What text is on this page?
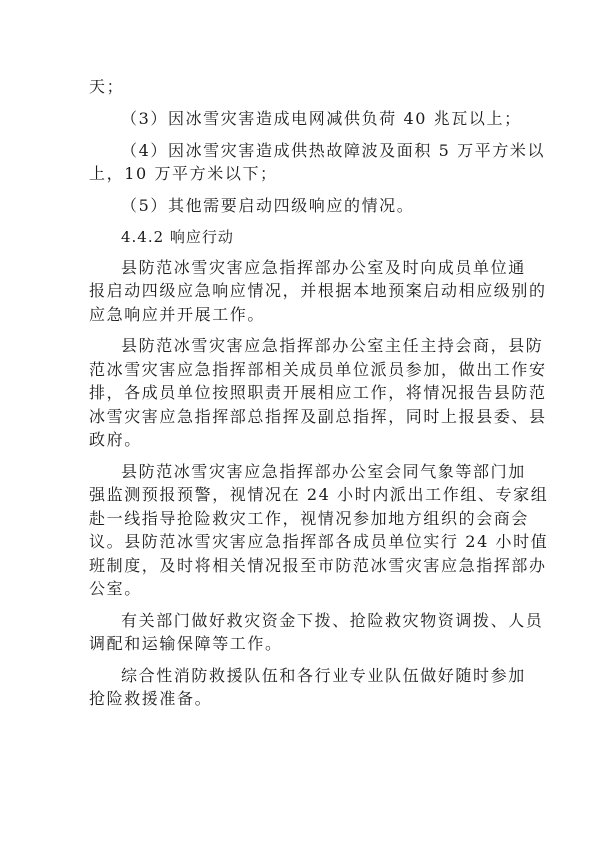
天；
（3）因冰雪灾害造成电网减供负荷 40 兆瓦以上；
（4）因冰雪灾害造成供热故障波及面积 5 万平方米以
上，10 万平方米以下；
（5）其他需要启动四级响应的情况。
4.4.2 响应行动
县防范冰雪灾害应急指挥部办公室及时向成员单位通
报启动四级应急响应情况，并根据本地预案启动相应级别的
应急响应并开展工作。
县防范冰雪灾害应急指挥部办公室主任主持会商，县防
范冰雪灾害应急指挥部相关成员单位派员参加，做出工作安
排，各成员单位按照职责开展相应工作，将情况报告县防范
冰雪灾害应急指挥部总指挥及副总指挥，同时上报县委、县
政府。
县防范冰雪灾害应急指挥部办公室会同气象等部门加
强监测预报预警，视情况在 24 小时内派出工作组、专家组
赴一线指导抢险救灾工作，视情况参加地方组织的会商会
议。县防范冰雪灾害应急指挥部各成员单位实行 24 小时值
班制度，及时将相关情况报至市防范冰雪灾害应急指挥部办
公室。
有关部门做好救灾资金下拨、抢险救灾物资调拨、人员
调配和运输保障等工作。
综合性消防救援队伍和各行业专业队伍做好随时参加
抢险救援准备。
